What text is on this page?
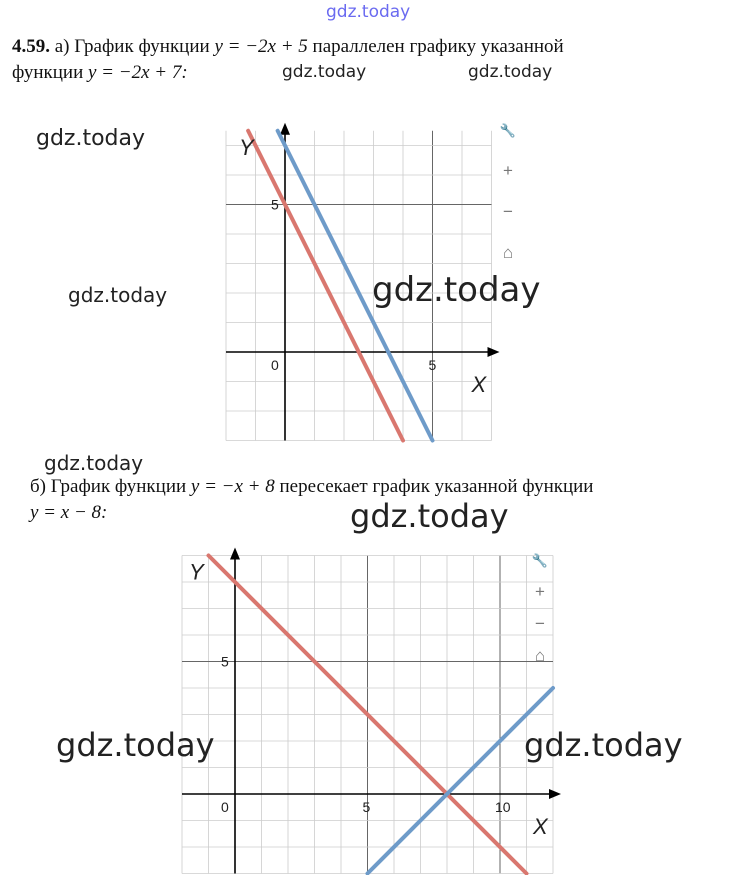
gdz.today
4.59. а) График функции y = −2x + 5 параллелен графику указанной
функции y = −2x + 7:	gdz.today	gdz.today
0	5
5
X
Y
🔧
+
−
⌂
gdz.today
gdz.today	gdz.today
gdz.today
б) График функции y = −x + 8 пересекает график указанной функции
y = x − 8:	gdz.today
0	5	10
5
X
Y	🔧
+
−
⌂
gdz.today	gdz.today
